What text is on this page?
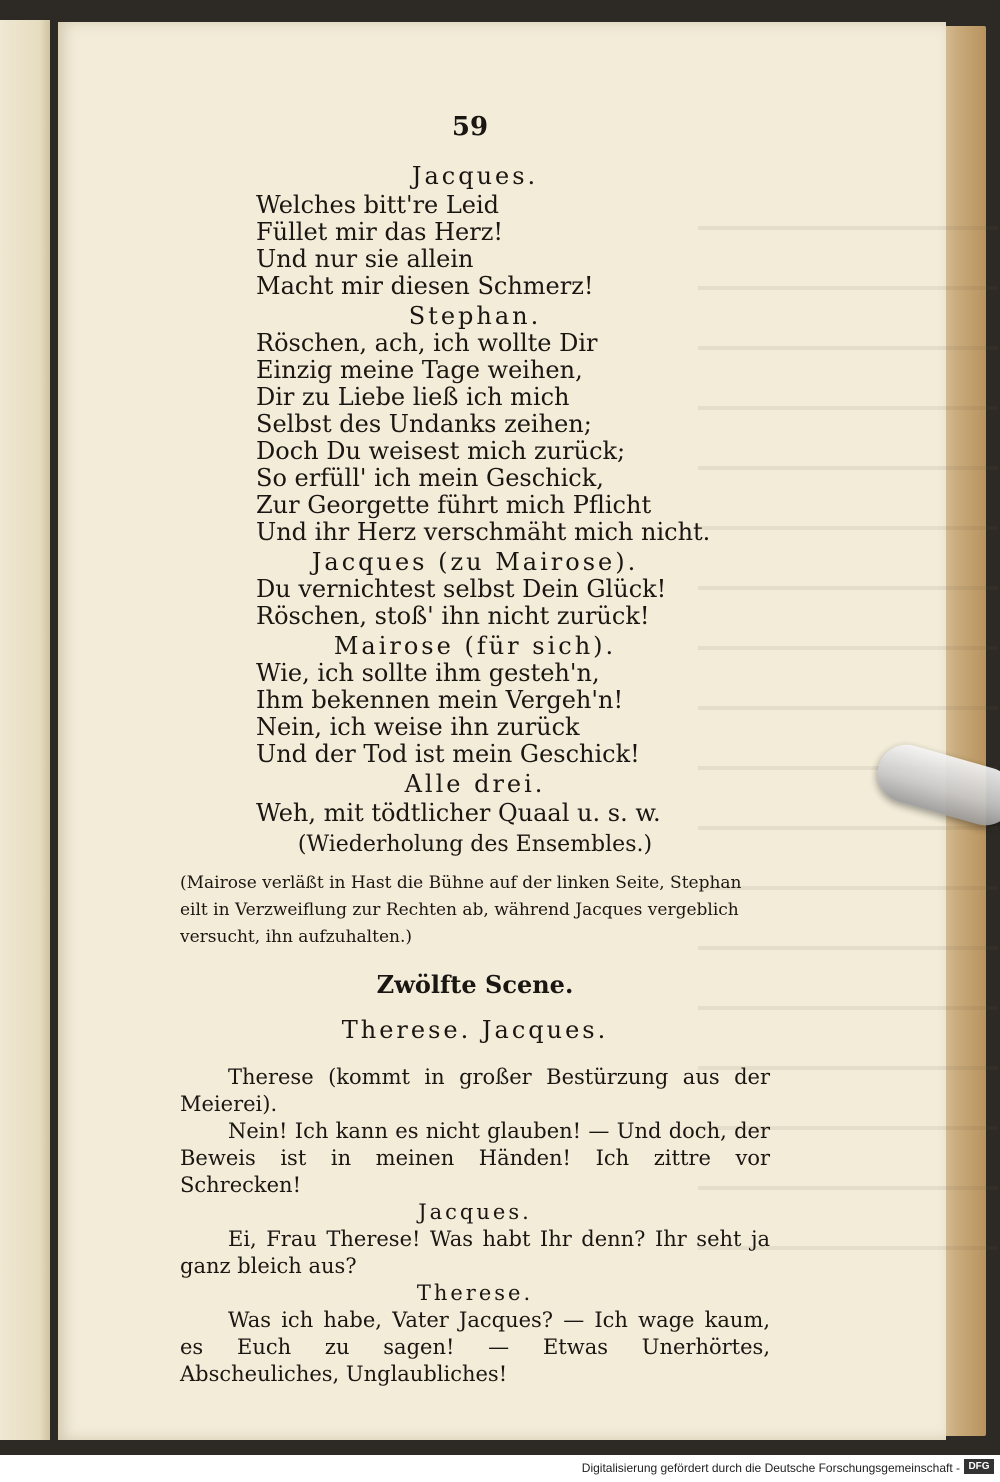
59
Jacques.
Welches bitt're Leid
Füllet mir das Herz!
Und nur sie allein
Macht mir diesen Schmerz!
Stephan.
Röschen, ach, ich wollte Dir
Einzig meine Tage weihen,
Dir zu Liebe ließ ich mich
Selbst des Undanks zeihen;
Doch Du weisest mich zurück;
So erfüll' ich mein Geschick,
Zur Georgette führt mich Pflicht
Und ihr Herz verschmäht mich nicht.
Jacques (zu Mairose).
Du vernichtest selbst Dein Glück!
Röschen, stoß' ihn nicht zurück!
Mairose (für sich).
Wie, ich sollte ihm gesteh'n,
Ihm bekennen mein Vergeh'n!
Nein, ich weise ihn zurück
Und der Tod ist mein Geschick!
Alle drei.
Weh, mit tödtlicher Quaal u. s. w.
(Wiederholung des Ensembles.)
(Mairose verläßt in Hast die Bühne auf der linken Seite, Stephan eilt in Verzweiflung zur Rechten ab, während Jacques vergeblich versucht, ihn aufzuhalten.)
Zwölfte Scene.
Therese. Jacques.

Therese (kommt in großer Bestürzung aus der Meierei).

Nein! Ich kann es nicht glauben! — Und doch, der Beweis ist in meinen Händen! Ich zittre vor Schrecken!

Jacques.

Ei, Frau Therese! Was habt Ihr denn? Ihr seht ja ganz bleich aus?

Therese.

Was ich habe, Vater Jacques? — Ich wage kaum, es Euch zu sagen! — Etwas Unerhörtes, Abscheuliches, Unglaubliches!

Digitalisierung gefördert durch die Deutsche Forschungsgemeinschaft - DFG
